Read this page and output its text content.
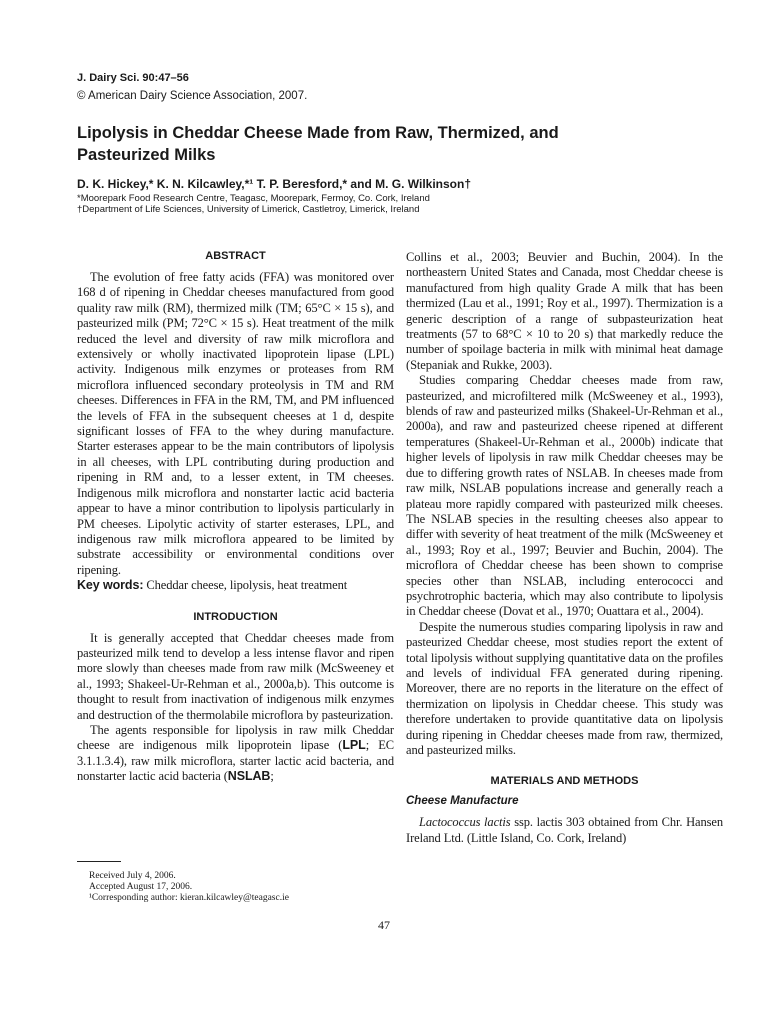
J. Dairy Sci. 90:47–56
© American Dairy Science Association, 2007.
Lipolysis in Cheddar Cheese Made from Raw, Thermized, and Pasteurized Milks
D. K. Hickey,* K. N. Kilcawley,*¹ T. P. Beresford,* and M. G. Wilkinson†
*Moorepark Food Research Centre, Teagasc, Moorepark, Fermoy, Co. Cork, Ireland
†Department of Life Sciences, University of Limerick, Castletroy, Limerick, Ireland
ABSTRACT
The evolution of free fatty acids (FFA) was monitored over 168 d of ripening in Cheddar cheeses manufactured from good quality raw milk (RM), thermized milk (TM; 65°C × 15 s), and pasteurized milk (PM; 72°C × 15 s). Heat treatment of the milk reduced the level and diversity of raw milk microflora and extensively or wholly inactivated lipoprotein lipase (LPL) activity. Indigenous milk enzymes or proteases from RM microflora influenced secondary proteolysis in TM and RM cheeses. Differences in FFA in the RM, TM, and PM influenced the levels of FFA in the subsequent cheeses at 1 d, despite significant losses of FFA to the whey during manufacture. Starter esterases appear to be the main contributors of lipolysis in all cheeses, with LPL contributing during production and ripening in RM and, to a lesser extent, in TM cheeses. Indigenous milk microflora and nonstarter lactic acid bacteria appear to have a minor contribution to lipolysis particularly in PM cheeses. Lipolytic activity of starter esterases, LPL, and indigenous raw milk microflora appeared to be limited by substrate accessibility or environmental conditions over ripening.
Key words: Cheddar cheese, lipolysis, heat treatment
INTRODUCTION
It is generally accepted that Cheddar cheeses made from pasteurized milk tend to develop a less intense flavor and ripen more slowly than cheeses made from raw milk (McSweeney et al., 1993; Shakeel-Ur-Rehman et al., 2000a,b). This outcome is thought to result from inactivation of indigenous milk enzymes and destruction of the thermolabile microflora by pasteurization.
The agents responsible for lipolysis in raw milk Cheddar cheese are indigenous milk lipoprotein lipase (LPL; EC 3.1.1.3.4), raw milk microflora, starter lactic acid bacteria, and nonstarter lactic acid bacteria (NSLAB;
Received July 4, 2006.
Accepted August 17, 2006.
¹Corresponding author: kieran.kilcawley@teagasc.ie
Collins et al., 2003; Beuvier and Buchin, 2004). In the northeastern United States and Canada, most Cheddar cheese is manufactured from high quality Grade A milk that has been thermized (Lau et al., 1991; Roy et al., 1997). Thermization is a generic description of a range of subpasteurization heat treatments (57 to 68°C × 10 to 20 s) that markedly reduce the number of spoilage bacteria in milk with minimal heat damage (Stepaniak and Rukke, 2003).
Studies comparing Cheddar cheeses made from raw, pasteurized, and microfiltered milk (McSweeney et al., 1993), blends of raw and pasteurized milks (Shakeel-Ur-Rehman et al., 2000a), and raw and pasteurized cheese ripened at different temperatures (Shakeel-Ur-Rehman et al., 2000b) indicate that higher levels of lipolysis in raw milk Cheddar cheeses may be due to differing growth rates of NSLAB. In cheeses made from raw milk, NSLAB populations increase and generally reach a plateau more rapidly compared with pasteurized milk cheeses. The NSLAB species in the resulting cheeses also appear to differ with severity of heat treatment of the milk (McSweeney et al., 1993; Roy et al., 1997; Beuvier and Buchin, 2004). The microflora of Cheddar cheese has been shown to comprise species other than NSLAB, including enterococci and psychrotrophic bacteria, which may also contribute to lipolysis in Cheddar cheese (Dovat et al., 1970; Ouattara et al., 2004).
Despite the numerous studies comparing lipolysis in raw and pasteurized Cheddar cheese, most studies report the extent of total lipolysis without supplying quantitative data on the profiles and levels of individual FFA generated during ripening. Moreover, there are no reports in the literature on the effect of thermization on lipolysis in Cheddar cheese. This study was therefore undertaken to provide quantitative data on lipolysis during ripening in Cheddar cheeses made from raw, thermized, and pasteurized milks.
MATERIALS AND METHODS
Cheese Manufacture
Lactococcus lactis ssp. lactis 303 obtained from Chr. Hansen Ireland Ltd. (Little Island, Co. Cork, Ireland)
47
